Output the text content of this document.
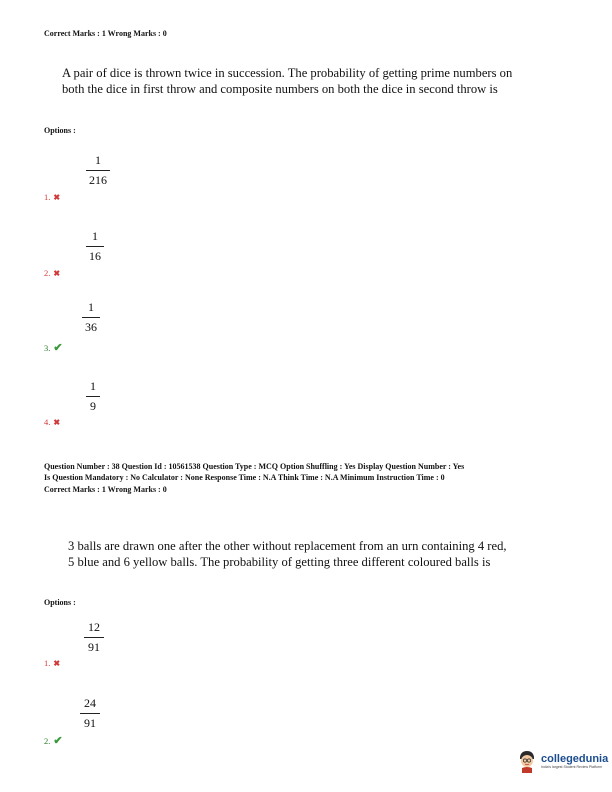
Correct Marks : 1 Wrong Marks : 0
A pair of dice is thrown twice in succession. The probability of getting prime numbers on
both the dice in first throw and composite numbers on both the dice in second throw is
Options :
1
216
1. ✖
1
16
2. ✖
1
36
3. ✔
1
9
4. ✖
Question Number : 38 Question Id : 10561538 Question Type : MCQ Option Shuffling : Yes Display Question Number : Yes
Is Question Mandatory : No Calculator : None Response Time : N.A Think Time : N.A Minimum Instruction Time : 0
Correct Marks : 1 Wrong Marks : 0
3 balls are drawn one after the other without replacement from an urn containing 4 red,
5 blue and 6 yellow balls. The probability of getting three different coloured balls is
Options :
12
91
1. ✖
24
91
2. ✔
collegedunia
India's largest Student Review Platform
